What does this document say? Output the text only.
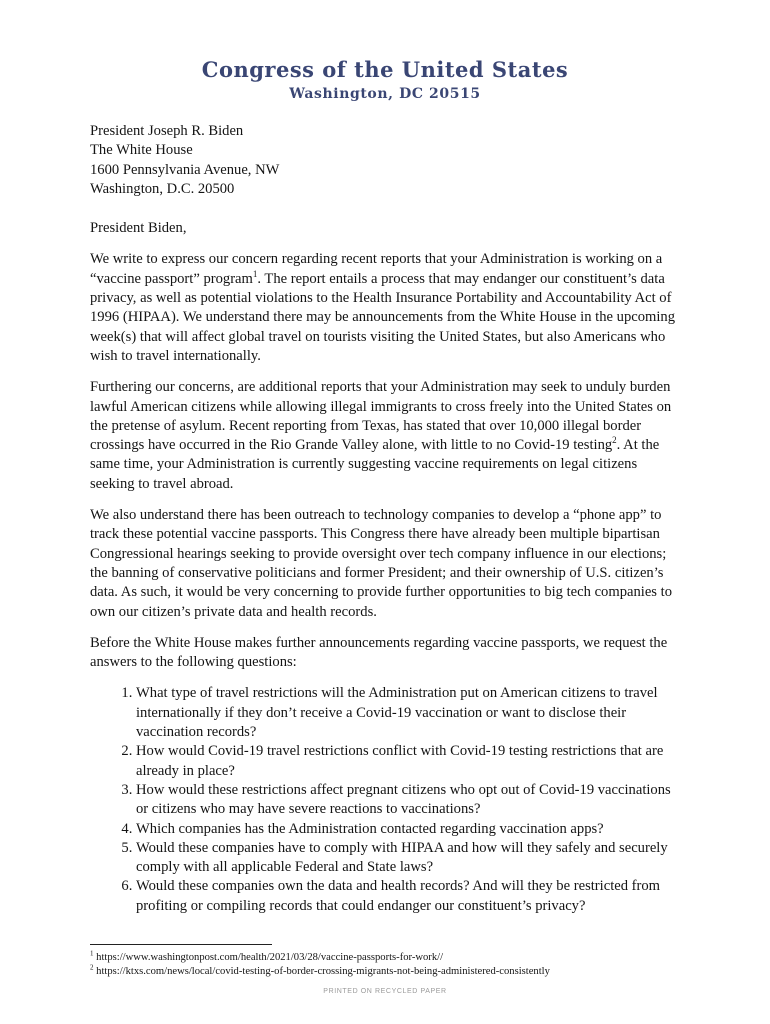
Congress of the United States
Washington, DC 20515
President Joseph R. Biden
The White House
1600 Pennsylvania Avenue, NW
Washington, D.C. 20500
President Biden,
We write to express our concern regarding recent reports that your Administration is working on a “vaccine passport” program$^1$. The report entails a process that may endanger our constituent’s data privacy, as well as potential violations to the Health Insurance Portability and Accountability Act of 1996 (HIPAA). We understand there may be announcements from the White House in the upcoming week(s) that will affect global travel on tourists visiting the United States, but also Americans who wish to travel internationally.
Furthering our concerns, are additional reports that your Administration may seek to unduly burden lawful American citizens while allowing illegal immigrants to cross freely into the United States on the pretense of asylum. Recent reporting from Texas, has stated that over 10,000 illegal border crossings have occurred in the Rio Grande Valley alone, with little to no Covid-19 testing$^2$. At the same time, your Administration is currently suggesting vaccine requirements on legal citizens seeking to travel abroad.
We also understand there has been outreach to technology companies to develop a “phone app” to track these potential vaccine passports. This Congress there have already been multiple bipartisan Congressional hearings seeking to provide oversight over tech company influence in our elections; the banning of conservative politicians and former President; and their ownership of U.S. citizen’s data. As such, it would be very concerning to provide further opportunities to big tech companies to own our citizen’s private data and health records.
Before the White House makes further announcements regarding vaccine passports, we request the answers to the following questions:
1. What type of travel restrictions will the Administration put on American citizens to travel internationally if they don’t receive a Covid-19 vaccination or want to disclose their vaccination records?
2. How would Covid-19 travel restrictions conflict with Covid-19 testing restrictions that are already in place?
3. How would these restrictions affect pregnant citizens who opt out of Covid-19 vaccinations or citizens who may have severe reactions to vaccinations?
4. Which companies has the Administration contacted regarding vaccination apps?
5. Would these companies have to comply with HIPAA and how will they safely and securely comply with all applicable Federal and State laws?
6. Would these companies own the data and health records? And will they be restricted from profiting or compiling records that could endanger our constituent’s privacy?
$^1$ https://www.washingtonpost.com/health/2021/03/28/vaccine-passports-for-work//
$^2$ https://ktxs.com/news/local/covid-testing-of-border-crossing-migrants-not-being-administered-consistently
PRINTED ON RECYCLED PAPER
